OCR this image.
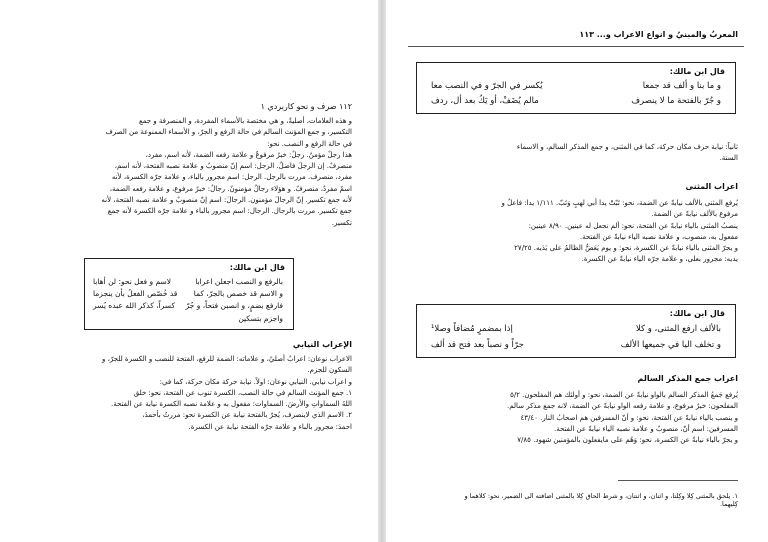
١١٢ صرف و نحو كاربردي ١
و هذه العلامات، أصليةٌ، و هي مختصة بالأسماء المفردة، و المنصرفة و جمع
التكسير، و جمع المؤنث السالم في حالة الرفع و الجرّ، و الأسماء الممنوعة من الصرف
في حالة الرفع و النصب. نحو:
هذا رجلٌ مؤمنٌ. رجلٌ: خبرٌ مرفوعٌ و علامة رفعه الضمة، لأنه اسم، مفرد،
منصرفٌ. إن الرجلَ فاضلٌ. الرجل: اسم إنّ منصوبٌ و علامة نصبه الفتحة، لأنه اسم،
مفرد، منصرف. مررت بالرجل. الرجل: اسم مجرور بالباء، و علامة جرّه الكسرة، لأنه
اسمٌ مفردٌ، منصرفٌ. و هؤلاء رجالٌ مؤمنونٌ. رجالٌ: خبرٌ مرفوع، و علامة رفعه الضمة،
لأنه جمع تكسير. إنّ الرجالَ مؤمنون. الرجالَ: اسم إنّ منصوبٌ و علامة نصبه الفتحة، لأنه
جمع تكسير. مررت بالرجال. الرجال: اسم مجرور بالباء و علامة جرّه الكسرة لأنه جمع
تكسير.
قال ابن مالك:
بالرفع و النصب اجعلن اعرابا
لاسم و فعل نحو: لن أهابا
و الاسم قد خصص بالجرّ، كما
قد خُصّص الفعلُ بأن ينجزما
فارفع بضمٍ، و انصبن فتحاً، و جُرّ
كسراً، كذكر الله عبده يُسر
واجزم بتسكين
الإعراب النيابي
الاعراب نوعان: اعرابٌ أصليٌ، و علاماته: الضمة للرفع، الفتحة للنصب و الكسرة للجرّ، و
السكون للجزم.
و اعراب نيابي. النيابي نوعان: اولاً. نيابة حركة مكان حركة، كما في:
١. جمع المؤنث السالم في حالة النصب، الكسرة تنوب عن الفتحة، نحو: خلق
اللهُ السماواتِ والأرضَ. السماوات: مفعول به و علامة نصبه الكسرة نيابة عن الفتحة.
٢. الاسم الذي لاينصرف، يُجرّ بالفتحة نيابة عن الكسرة نحو: مررتُ بأحمدَ،
احمدَ: مجرور بالباء و علامة جرّه الفتحة نيابة عن الكسرة.
المعربُ والمبنيُ و انواع الاعراب و... ١١٣
قال ابن مالك:
و ما بنا و ألف قد جمعا
يُكسر في الجرّ و في النصب معا
و جُرّ بالفتحة ما لا ينصرف
مالم يُضَفْ، أو يَكُ بعد أل، ردف
ثانياً: نيابة حرف مكان حركة، كما في المثنى، و جمع المذكر السالم، و الاسماء
الستة.
اعراب المثنى
يُرفع المثنى بالألف نيابةً عن الضمة، نحو: تَبّتْ يدا أبي لهبٍ وَتَبّ. ١/١١١ يدا: فاعلٌ و
مرفوع بالألف نيابةً عن الضمة.
ينصبُ المثنى بالياء نيابةً عن الفتحة، نحو: ألم نجعل له عينين. ٨/٩٠ عينين:
مفعول به، منصوب، و علامة نصبه الياء نيابةً عن الفتحة.
و يجرّ المثنى بالياء نيابةً عن الكسرة، نحو: و يوم يَعَضُّ الظالمُ على يَدَيه. ٢٧/٢٥
يديه: مجرور بعلى، و علامة جرّه الياء نيابةً عن الكسرة.
قال ابن مالك:
بالألف ارفع المثنى، و كلا
إذا بمضمرٍ مُضافاً وصلا¹
و تخلف اليا في جميعها الألف
جرّاً و نصباً بعد فتح قد ألف
اعراب جمع المذكر السالم
يُرفع جَمعُ المذكر السالم بالواو نيابةً عن الضمة، نحو: و أولئك هم المفلحون. ٥/٢
المفلحون: خبرٌ مرفوع، و علامة رفعه الواو نيابةً عن الضمة، لانه جمع مذكر سالم.
و ينصب بالياء نيابةً عن الفتحة، نحو: و أنّ المسرفين هم اصحابُ النار. ٤٣/٤٠
المسرفين: اسم أنّ، منصوبٌ و علامة نصبه الياء نيابةً عن الفتحة.
و يجرّ بالياء نيابةً عن الكسرة، نحو: وَهُم على مايفعلون بالمؤمنين شهود. ٧/٨٥
١. يلحق بالمثنى كِلا وكِلتا، و اثنان، و اثنتان، و شرط الحاق كِلا بالمثنى اضافته الى الضمير، نحو: كلاهما و
كِليهما.
